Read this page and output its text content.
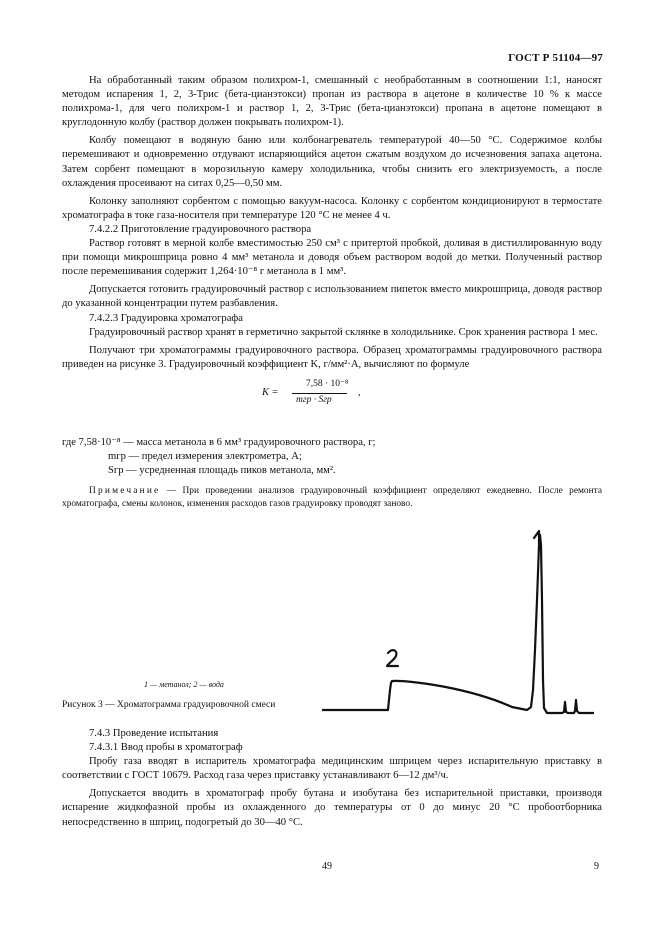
ГОСТ Р 51104—97

На обработанный таким образом полихром-1, смешанный с необработанным в соотношении 1:1, наносят методом испарения 1, 2, 3-Трис (бета-цианэтокси) пропан из раствора в ацетоне в количестве 10 % к массе полихрома-1, для чего полихром-1 и раствор 1, 2, 3-Трис (бета-цианэтокси) пропана в ацетоне помещают в круглодонную колбу (раствор должен покрывать полихром-1).

Колбу помещают в водяную баню или колбонагреватель температурой 40—50 °С. Содержимое колбы перемешивают и одновременно отдувают испаряющийся ацетон сжатым воздухом до исчезновения запаха ацетона. Затем сорбент помещают в морозильную камеру холодильника, чтобы снизить его электризуемость, а после охлаждения просеивают на ситах 0,25—0,50 мм.

Колонку заполняют сорбентом с помощью вакуум-насоса. Колонку с сорбентом кондиционируют в термостате хроматографа в токе газа-носителя при температуре 120 °С не менее 4 ч.

7.4.2.2 Приготовление градуировочного раствора

Раствор готовят в мерной колбе вместимостью 250 см³ с притертой пробкой, доливая в дистиллированную воду при помощи микрошприца ровно 4 мм³ метанола и доводя объем раствором водой до метки. Полученный раствор после перемешивания содержит 1,264·10⁻⁸ г метанола в 1 мм³.

Допускается готовить градуировочный раствор с использованием пипеток вместо микрошприца, доводя раствор до указанной концентрации путем разбавления.

7.4.2.3 Градуировка хроматографа

Градуировочный раствор хранят в герметично закрытой склянке в холодильнике. Срок хранения раствора 1 мес.

Получают три хроматограммы градуировочного раствора. Образец хроматограммы градуировочного раствора приведен на рисунке 3. Градуировочный коэффициент K, г/мм²·А, вычисляют по формуле

K =
7,58 · 10⁻⁸
mгр · Sгр
,

где 7,58·10⁻⁸ — масса метанола в 6 мм³ градуировочного раствора, г;

mгр — предел измерения электрометра, А;

Sгр — усредненная площадь пиков метанола, мм².

Примечание — При проведении анализов градуировочный коэффициент определяют ежедневно. После ремонта хроматографа, смены колонок, изменения расходов газов градуировку проводят заново.
1 — метанол; 2 — вода
Рисунок 3 — Хроматограмма градуировочной смеси

7.4.3 Проведение испытания

7.4.3.1 Ввод пробы в хроматограф

Пробу газа вводят в испаритель хроматографа медицинским шприцем через испарительную приставку в соответствии с ГОСТ 10679. Расход газа через приставку устанавливают 6—12 дм³/ч.

Допускается вводить в хроматограф пробу бутана и изобутана без испарительной приставки, производя испарение жидкофазной пробы из охлажденного до температуры от 0 до минус 20 °С пробоотборника непосредственно в шприц, подогретый до 30—40 °С.

49	9
